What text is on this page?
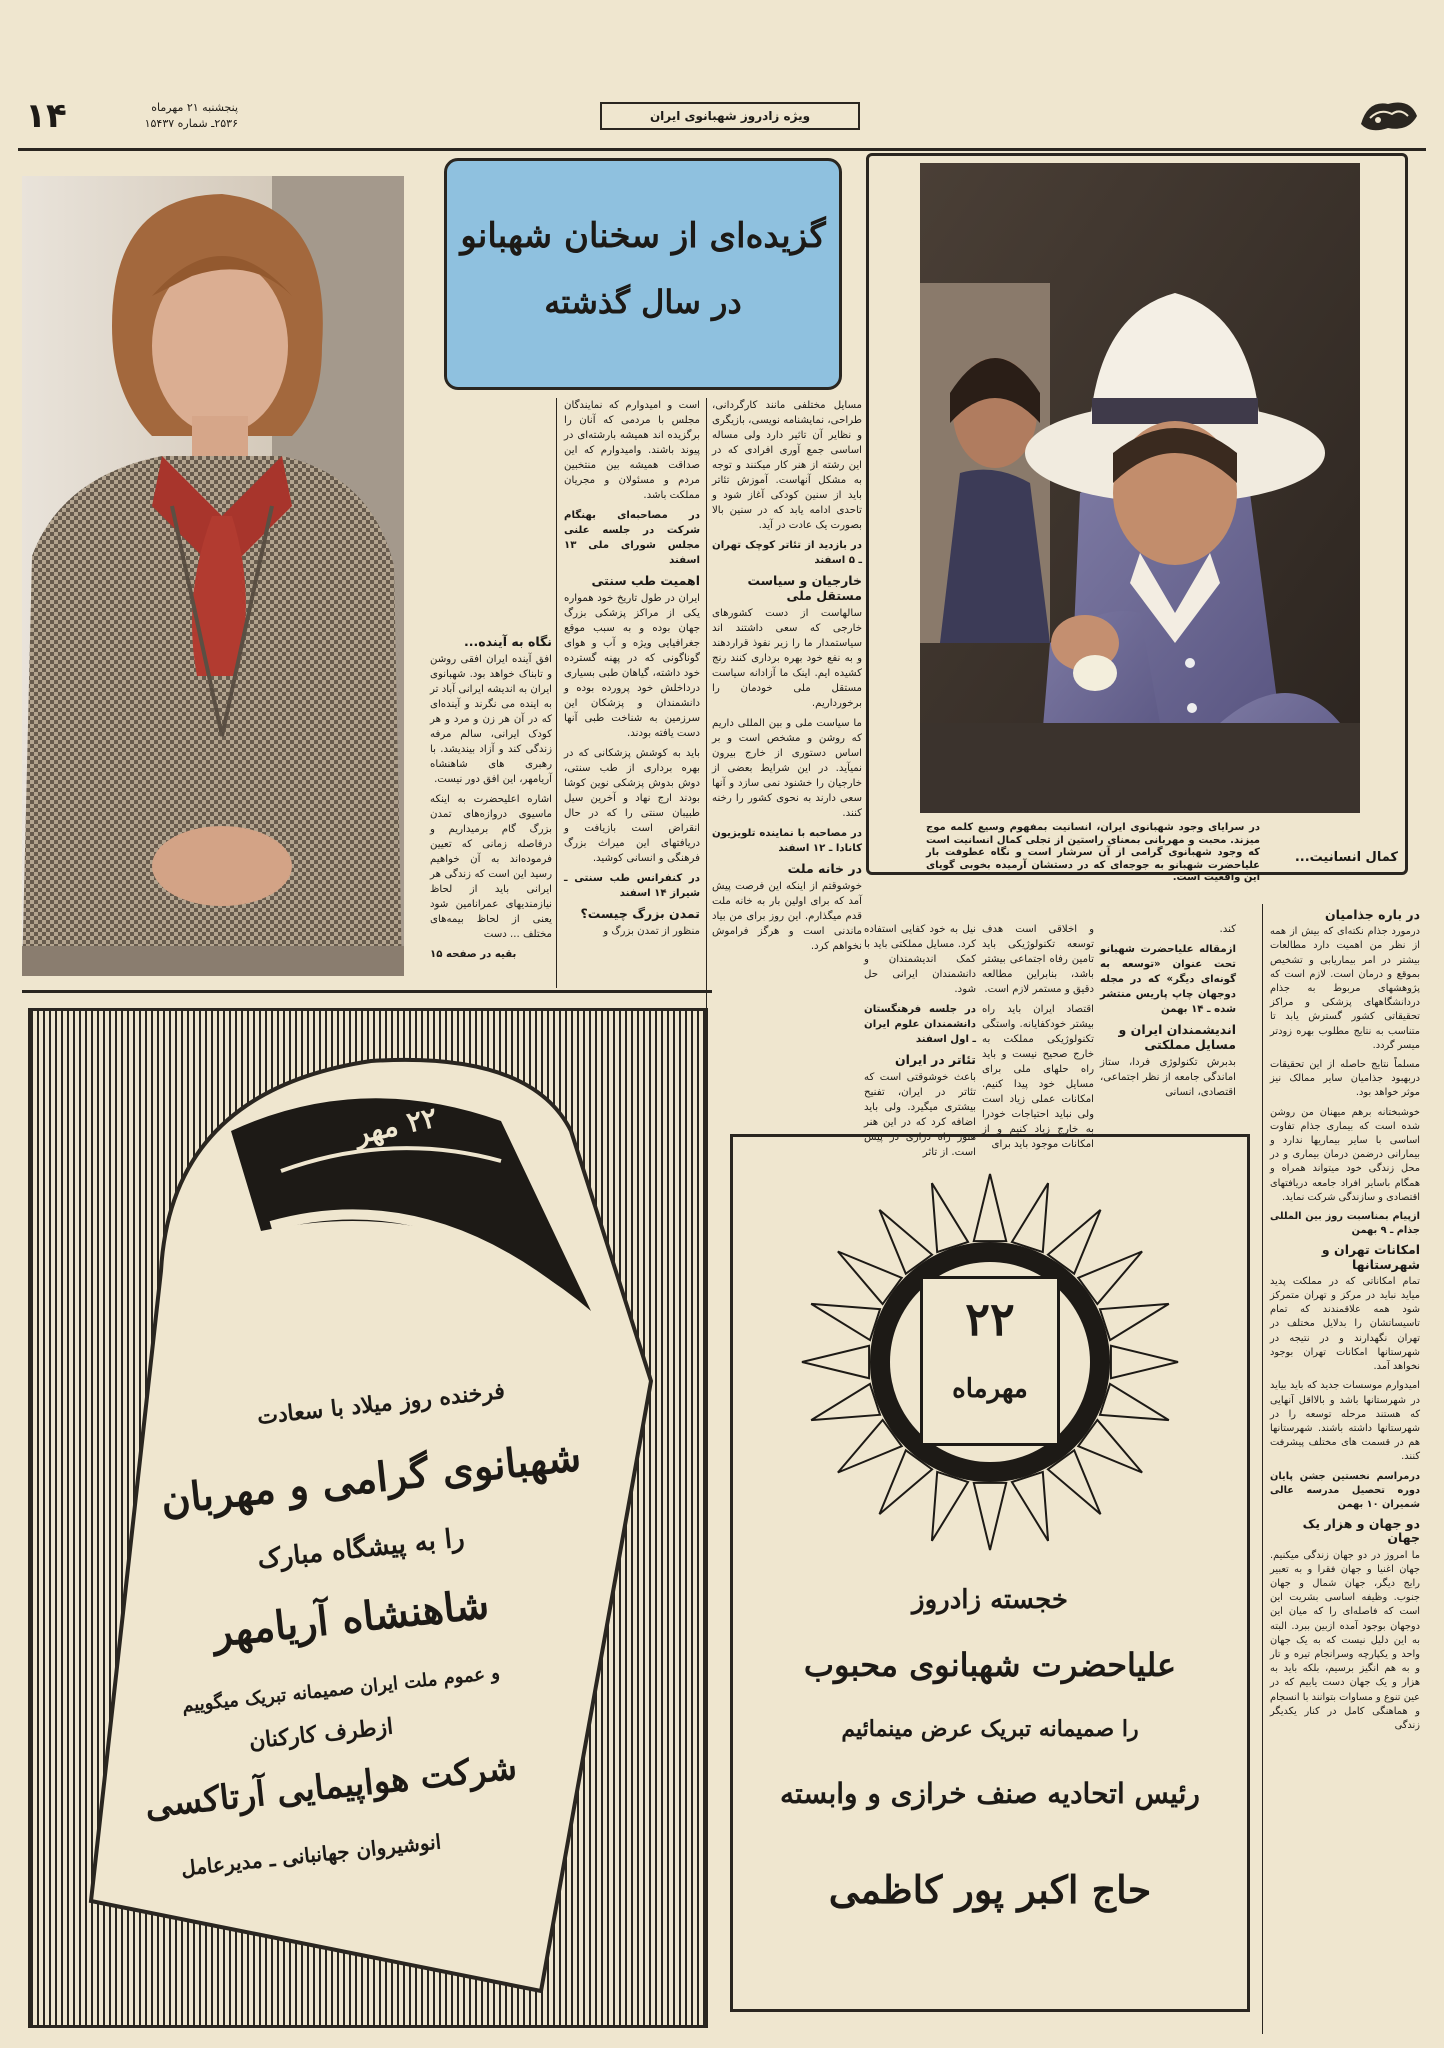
۱۴	پنجشنبه ۲۱ مهرماه
۲۵۳۶ـ شماره ۱۵۴۳۷
ویژه زادروز شهبانوی ایران
در سرایای وجود شهبانوی ایران، انسانیت بمفهوم وسیع کلمه موج میزند. محبت و مهربانی بمعنای راستین از تجلی کمال انسانیت است که وجود شهبانوی گرامی از آن سرشار است و نگاه عطوفت بار علیاحضرت شهبانو به جوجه‌ای که در دستشان آرمیده بخوبی گویای این واقعیت است.
کمال انسانیت...
گزیده‌ای از سخنان شهبانو
در سال گذشته

مسایل مختلفی مانند کارگردانی، طراحی، نمایشنامه نویسی، بازیگری و نظایر آن تاثیر دارد ولی مساله اساسی جمع آوری افرادی که در این رشته از هنر کار میکنند و توجه به مشکل آنهاست. آموزش تئاتر باید از سنین کودکی آغاز شود و تاحدی ادامه یابد که در سنین بالا بصورت یک عادت در آید.

در بازدید از تئاتر کوچک تهران ـ ۵ اسفند

خارجیان و سیاست مستقل ملی

سالهاست از دست کشورهای خارجی که سعی داشتند اند سیاستمدار ما را زیر نفوذ قراردهند و به نفع خود بهره برداری کنند رنج کشیده ایم. اینک ما آزادانه سیاست مستقل ملی خودمان را برخورداریم.

ما سیاست ملی و بین المللی داریم که روشن و مشخص است و بر اساس دستوری از خارج بیرون نمیآید. در این شرایط بعضی از خارجیان را خشنود نمی سازد و آنها سعی دارند به نحوی کشور را رخنه کنند.

در مصاحبه با نماینده تلویزیون کانادا ـ ۱۲ اسفند

در خانه ملت

خوشوقتم از اینکه این فرصت پیش آمد که برای اولین بار به خانه ملت قدم میگذارم. این روز برای من بیاد ماندنی است و هرگز فراموش نخواهم کرد.

است و امیدوارم که نمایندگان مجلس با مردمی که آنان را برگزیده اند همیشه بارشته‌ای در پیوند باشند. وامیدوارم که این صداقت همیشه بین منتخبین مردم و مسئولان و مجریان مملکت باشد.

در مصاحبه‌ای بهنگام شرکت در جلسه علنی مجلس شورای ملی ۱۳ اسفند

اهمیت طب سنتی

ایران در طول تاریخ خود همواره یکی از مراکز پزشکی بزرگ جهان بوده و به سبب موقع جغرافیایی ویژه و آب و هوای گوناگونی که در پهنه گسترده خود داشته، گیاهان طبی بسیاری درداخلش خود پرورده بوده و دانشمندان و پزشکان این سرزمین به شناخت طبی آنها دست یافته بودند.

باید به کوشش پزشکانی که در بهره برداری از طب سنتی، دوش بدوش پزشکی نوین کوشا بودند ارج نهاد و آخرین سیل طبیبان سنتی را که در حال انقراض است بازیافت و دریافتهای این میراث بزرگ فرهنگی و انسانی کوشید.

در کنفرانس طب سنتی ـ شیراز ۱۴ اسفند

تمدن بزرگ چیست؟

منظور از تمدن بزرگ و

نگاه به آینده...

افق آینده ایران افقی روشن و تابناک خواهد بود. شهبانوی ایران به اندیشه ایرانی آباد تر به اینده می نگرند و آینده‌ای که در آن هر زن و مرد و هر کودک ایرانی، سالم مرفه زندگی کند و آزاد بیندیشد. با رهبری های شاهنشاه آریامهر، این افق دور نیست.

اشاره اعلیحضرت به اینکه ماسیوی دروازه‌های تمدن بزرگ گام برمیداریم و درفاصله زمانی که تعیین فرموده‌اند به آن خواهیم رسید این است که زندگی هر ایرانی باید از لحاظ نیازمندیهای عمرانامین شود یعنی از لحاظ بیمه‌های مختلف ... دست

بقیه در صفحه ۱۵

نیل به خود کفایی استفاده کرد. مسایل مملکتی باید با کمک اندیشمندان و دانشمندان ایرانی حل شود.

در جلسه فرهنگستان دانشمندان علوم ایران ـ اول اسفند

تئاتر در ایران

باعث خوشوقتی است که تئاتر در ایران، تفنیح بیشتری میگیرد. ولی باید اضافه کرد که در این هنر هنوز راه درازی در پیش است. از تاثر

و اخلاقی است هدف توسعه تکنولوژیکی باید تامین رفاه اجتماعی بیشتر باشد، بنابراین مطالعه دقیق و مستمر لازم است.

اقتصاد ایران باید راه بیشتر خودکفایانه. واستگی تکنولوژیکی مملکت به خارج صحیح نیست و باید راه حلهای ملی برای مسایل خود پیدا کنیم. امکانات عملی زیاد است ولی نباید احتیاجات خودرا به خارج زیاد کنیم و از امکانات موجود باید برای

کند.

ازمقاله علیاحضرت شهبانو تحت عنوان «توسعه به گونه‌ای دیگر» که در مجله دوجهان چاپ پاریس منتشر شده ـ ۱۴ بهمن

اندیشمندان ایران و مسایل مملکتی

بدبرش تکنولوژی فردا، ستاز اماندگی جامعه از نظر اجتماعی، اقتصادی، انسانی

در باره جذامیان

درمورد جذام نکته‌ای که بیش از همه از نظر من اهمیت دارد مطالعات بیشتر در امر بیماریابی و تشخیص بموقع و درمان است. لازم است که پژوهشهای مربوط به جذام دردانشگاههای پزشکی و مراکز تحقیقاتی کشور گسترش یابد تا متناسب به نتایج مطلوب بهره زودتر میسر گردد.

مسلماً نتایج حاصله از این تحقیقات دربهبود جذامیان سایر ممالک نیز موثر خواهد بود.

خوشبختانه برهم میهنان من روشن شده است که بیماری جذام تفاوت اساسی با سایر بیماریها ندارد و بیمارانی درضمن درمان بیماری و در محل زندگی خود میتواند همراه و همگام باسایر افراد جامعه دریافتها‌ی اقتصادی و سازندگی شرکت نماید.

ازپیام بمناسبت روز بین المللی جذام ـ ۹ بهمن

امکانات تهران و شهرستانها

تمام امکاناتی که در مملکت پدید میاید نباید در مرکز و تهران متمرکز شود همه علاقمندند که تمام تاسیساتشان را بدلایل مختلف در تهران نگهدارند و در نتیجه در شهرستانها امکانات تهران بوجود نخواهد آمد.

امیدوارم موسسات جدید که باید بیاید در شهرستانها باشد و بالااقل آنهایی که هستند مرحله توسعه را در شهرستانها داشته باشند. شهرستانها هم در قسمت های مختلف پیشرفت کنند.

درمراسم نخستین جشن پایان دوره تحصیل مدرسه عالی شمیران ۱۰ بهمن

دو جهان و هزار یک جهان

ما امروز در دو جهان زندگی میکنیم. جهان اغنیا و جهان فقرا و به تعبیر رایج دیگر، جهان شمال و جهان جنوب. وظیفه اساسی بشریت این است که فاصله‌ای را که میان این دوجهان بوجود آمده ازبین ببرد. البته به این دلیل نیست که به یک جهان واحد و یکپارچه وسرانجام تیره و تار و به هم انگیز برسیم، بلکه باید به هزار و یک جهان دست یابیم که در عین تنوع و مساوات بتوانند با انسجام و هماهنگی کامل در کنار یکدیگر زندگی

۲۲ مهر
فرخنده روز میلاد با سعادت
شهبانوی گرامی و مهربان
را به پیشگاه مبارک
شاهنشاه آریامهر
و عموم ملت ایران صمیمانه تبریک میگوییم
ازطرف کارکنان
شرکت هواپیمایی آرتاکسی
انوشیروان جهانبانی ـ مدیرعامل
۲۲
مهرماه
خجسته زادروز
علیاحضرت شهبانوی محبوب
را صمیمانه تبریک عرض مینمائیم
رئیس اتحادیه صنف خرازی و وابسته
حاج اکبر پور کاظمی
